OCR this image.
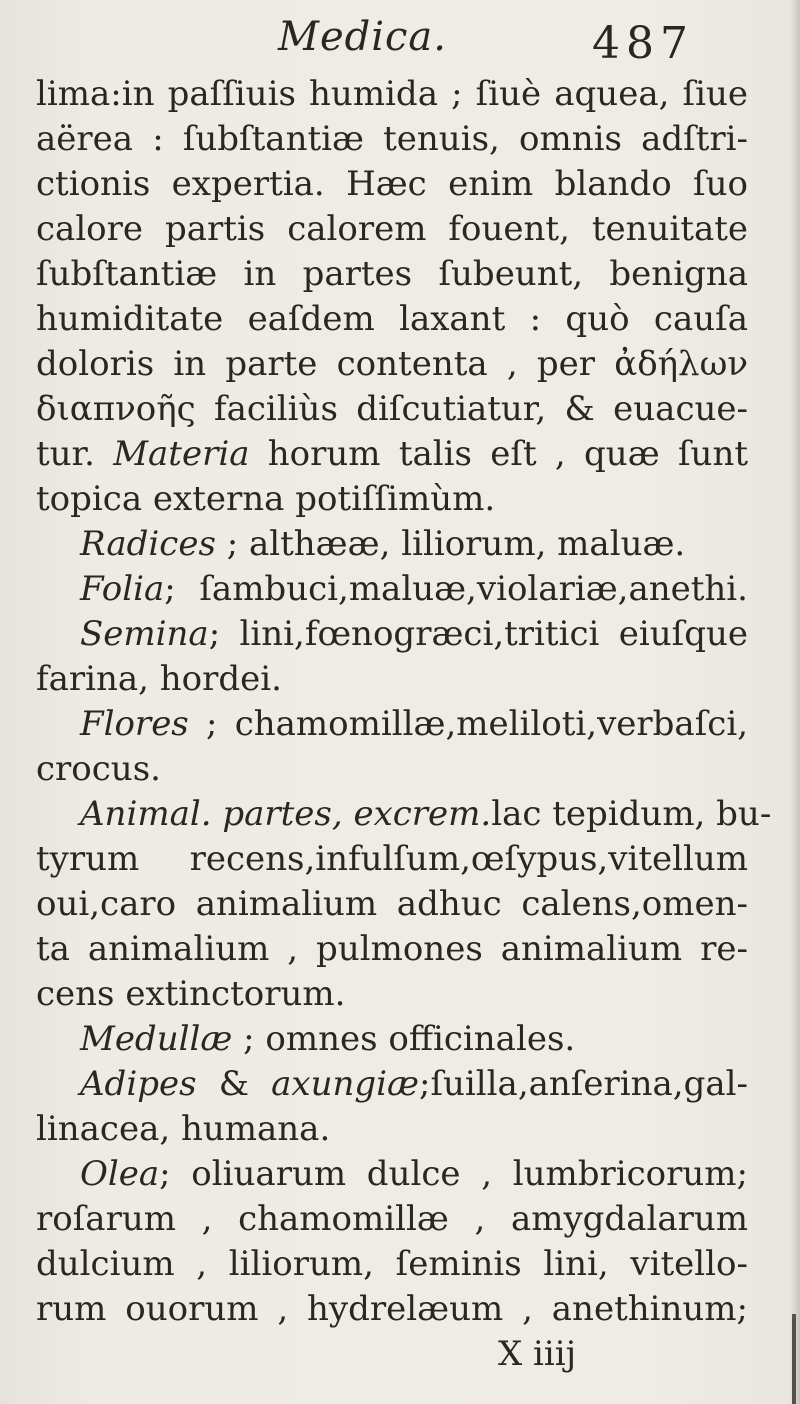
Medica.	487
lima:in paſſiuis humida ; ſiuè aquea, ſiue
aërea : ſubſtantiæ tenuis, omnis adſtri-
ctionis expertia. Hæc enim blando ſuo
calore partis calorem fouent, tenuitate
ſubſtantiæ in partes ſubeunt, benigna
humiditate eaſdem laxant : quò cauſa
doloris in parte contenta , per ἀδήλων
διαπνοῆς faciliùs diſcutiatur, & euacue-
tur. Materia horum talis eſt , quæ ſunt
topica externa potiſſimùm.
Radices ; althææ, liliorum, maluæ.
Folia; ſambuci,maluæ,violariæ,anethi.
Semina; lini,fœnogræci,tritici eiuſque
farina, hordei.
Flores ; chamomillæ,meliloti,verbaſci,
crocus.
Animal. partes, excrem.lac tepidum, bu-
tyrum recens,infulſum,œſypus,vitellum
oui,caro animalium adhuc calens,omen-
ta animalium , pulmones animalium re-
cens extinctorum.
Medullæ ; omnes officinales.
Adipes & axungiæ;ſuilla,anſerina,gal-
linacea, humana.
Olea; oliuarum dulce , lumbricorum;
roſarum , chamomillæ , amygdalarum
dulcium , liliorum, ſeminis lini, vitello-
rum ouorum , hydrelæum , anethinum;
X iiij
